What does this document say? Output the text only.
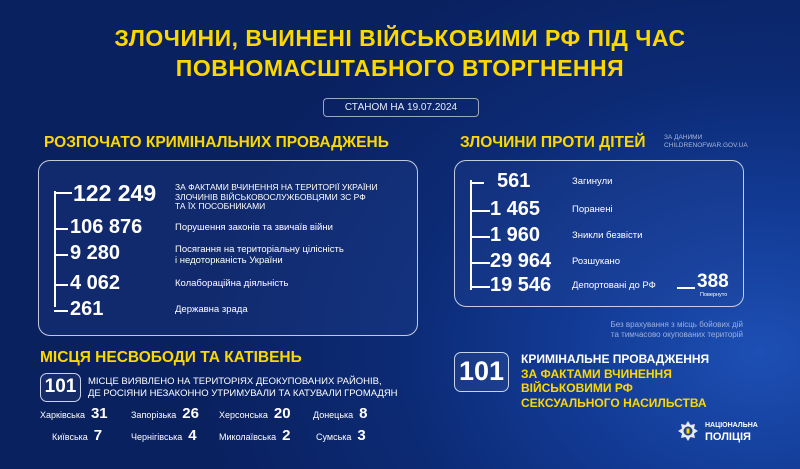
ЗЛОЧИНИ, ВЧИНЕНІ ВІЙСЬКОВИМИ РФ ПІД ЧАС
ПОВНОМАСШТАБНОГО ВТОРГНЕННЯ
СТАНОМ НА 19.07.2024
РОЗПОЧАТО КРИМІНАЛЬНИХ ПРОВАДЖЕНЬ
122 249 ЗА ФАКТАМИ ВЧИНЕННЯ НА ТЕРИТОРІЇ УКРАЇНИ
ЗЛОЧИНІВ ВІЙСЬКОВОСЛУЖБОВЦЯМИ ЗС РФ
ТА ЇХ ПОСОБНИКАМИ
106 876	Порушення законів та звичаїв війни
9 280	Посягання на територіальну цілісність
і недоторканість України
4 062	Колабораційна діяльність
261	Державна зрада
ЗЛОЧИНИ ПРОТИ ДІТЕЙ	ЗА ДАНИМИ
CHILDRENOFWAR.GOV.UA
561	Загинули
1 465	Поранені
1 960	Зникли безвісти
29 964 Розшукано
19 546 Депортовані до РФ 388
Повернуто
Без врахування з місць бойових дій
та тимчасово окупованих територій
МІСЦЯ НЕСВОБОДИ ТА КАТІВЕНЬ
101	МІСЦЕ ВИЯВЛЕНО НА ТЕРИТОРІЯХ ДЕОКУПОВАНИХ РАЙОНІВ,
ДЕ РОСІЯНИ НЕЗАКОННО УТРИМУВАЛИ ТА КАТУВАЛИ ГРОМАДЯН
Харківська 31	Запорізька 26 Херсонська 20 Донецька 8
Київська 7	Чернігівська 4 Миколаївська 2	Сумська 3
101	КРИМІНАЛЬНЕ ПРОВАДЖЕННЯ
ЗА ФАКТАМИ ВЧИНЕННЯ
ВІЙСЬКОВИМИ РФ
СЕКСУАЛЬНОГО НАСИЛЬСТВА
НАЦІОНАЛЬНА
ПОЛІЦІЯ
